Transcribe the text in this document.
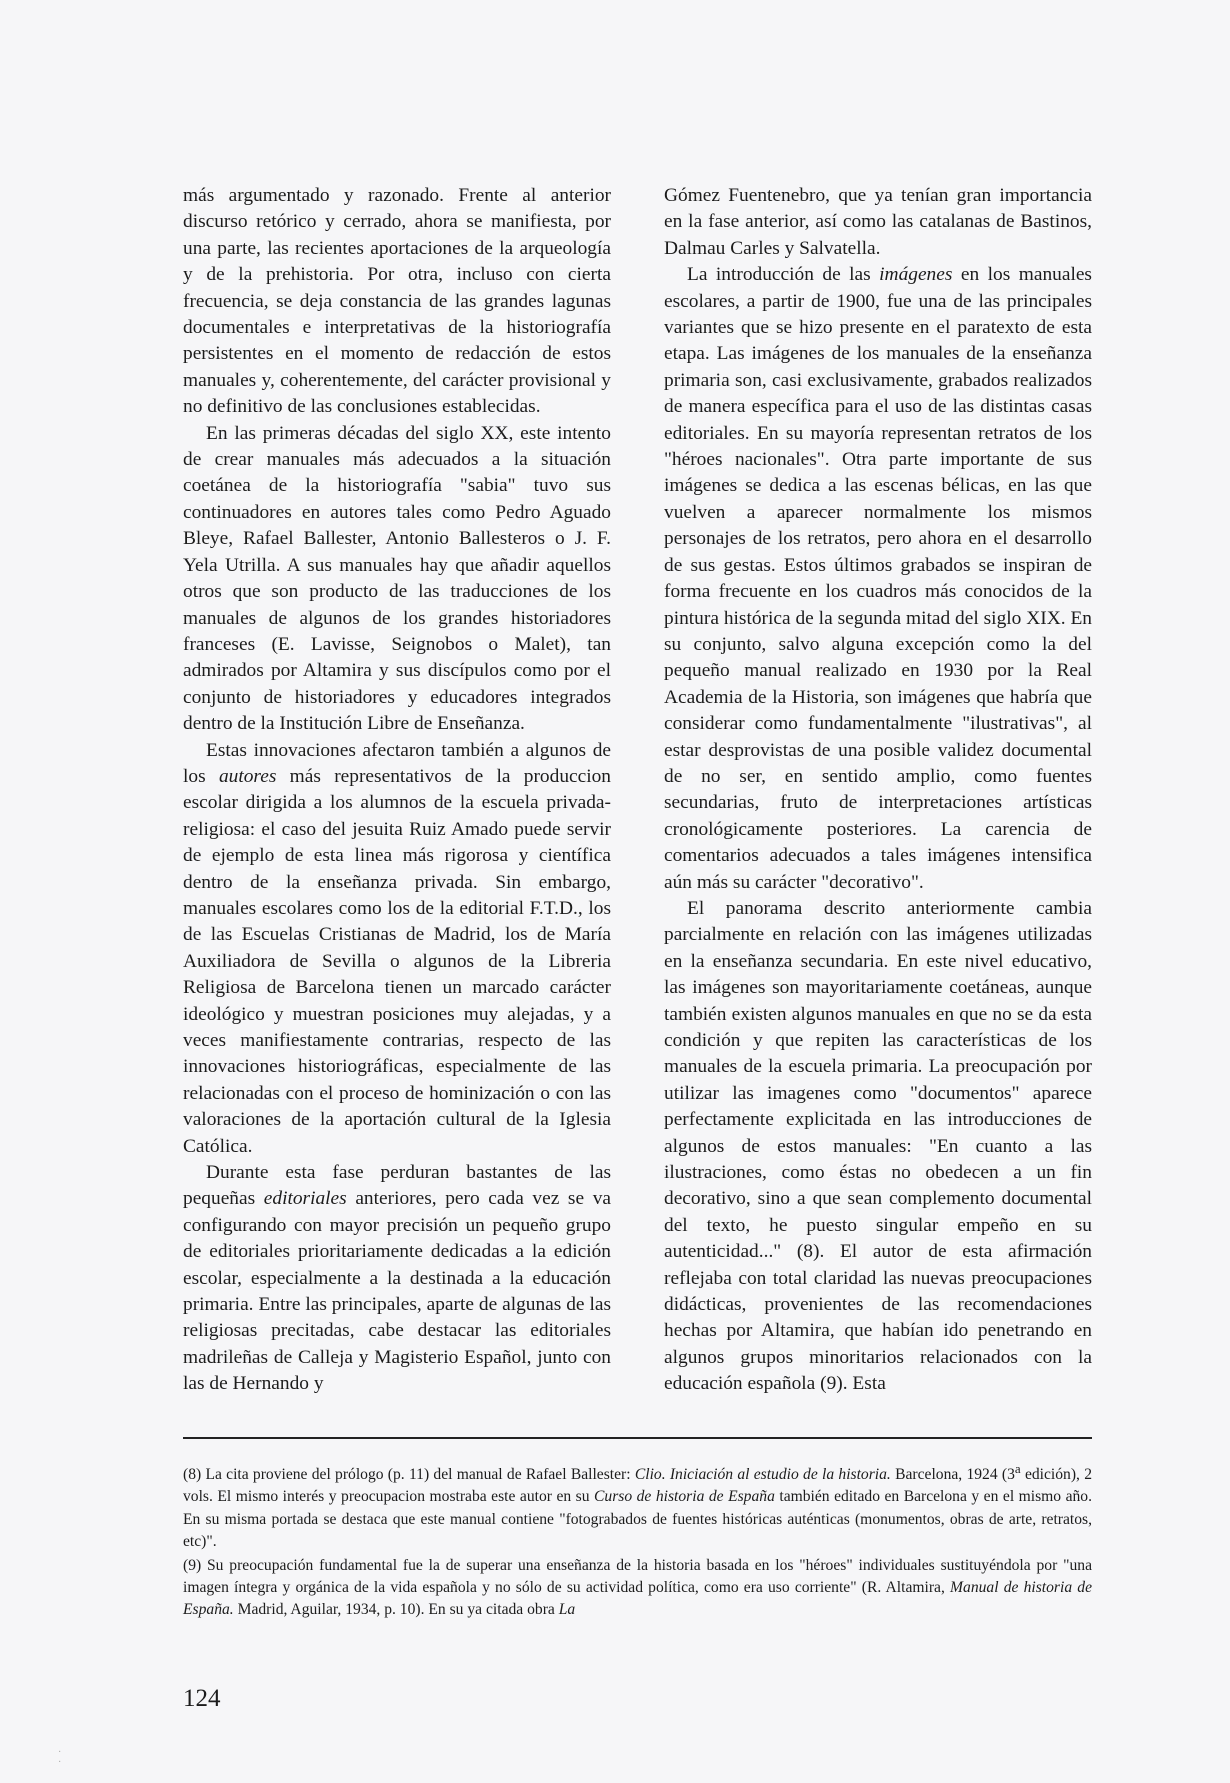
más argumentado y razonado. Frente al anterior discurso retórico y cerrado, ahora se manifiesta, por una parte, las recientes aportaciones de la arqueología y de la prehistoria. Por otra, incluso con cierta frecuencia, se deja constancia de las grandes lagunas documentales e interpretativas de la historiografía persistentes en el momento de redacción de estos manuales y, coherentemente, del carácter provisional y no definitivo de las conclusiones establecidas.

En las primeras décadas del siglo XX, este intento de crear manuales más adecuados a la situación coetánea de la historiografía "sabia" tuvo sus continuadores en autores tales como Pedro Aguado Bleye, Rafael Ballester, Antonio Ballesteros o J. F. Yela Utrilla. A sus manuales hay que añadir aquellos otros que son producto de las traducciones de los manuales de algunos de los grandes historiadores franceses (E. Lavisse, Seignobos o Malet), tan admirados por Altamira y sus discípulos como por el conjunto de historiadores y educadores integrados dentro de la Institución Libre de Enseñanza.

Estas innovaciones afectaron también a algunos de los autores más representativos de la produccion escolar dirigida a los alumnos de la escuela privada-religiosa: el caso del jesuita Ruiz Amado puede servir de ejemplo de esta linea más rigorosa y científica dentro de la enseñanza privada. Sin embargo, manuales escolares como los de la editorial F.T.D., los de las Escuelas Cristianas de Madrid, los de María Auxiliadora de Sevilla o algunos de la Libreria Religiosa de Barcelona tienen un marcado carácter ideológico y muestran posiciones muy alejadas, y a veces manifiestamente contrarias, respecto de las innovaciones historiográficas, especialmente de las relacionadas con el proceso de hominización o con las valoraciones de la aportación cultural de la Iglesia Católica.

Durante esta fase perduran bastantes de las pequeñas editoriales anteriores, pero cada vez se va configurando con mayor precisión un pequeño grupo de editoriales prioritariamente dedicadas a la edición escolar, especialmente a la destinada a la educación primaria. Entre las principales, aparte de algunas de las religiosas precitadas, cabe destacar las editoriales madrileñas de Calleja y Magisterio Español, junto con las de Hernando y

Gómez Fuentenebro, que ya tenían gran importancia en la fase anterior, así como las catalanas de Bastinos, Dalmau Carles y Salvatella.

La introducción de las imágenes en los manuales escolares, a partir de 1900, fue una de las principales variantes que se hizo presente en el paratexto de esta etapa. Las imágenes de los manuales de la enseñanza primaria son, casi exclusivamente, grabados realizados de manera específica para el uso de las distintas casas editoriales. En su mayoría representan retratos de los "héroes nacionales". Otra parte importante de sus imágenes se dedica a las escenas bélicas, en las que vuelven a aparecer normalmente los mismos personajes de los retratos, pero ahora en el desarrollo de sus gestas. Estos últimos grabados se inspiran de forma frecuente en los cuadros más conocidos de la pintura histórica de la segunda mitad del siglo XIX. En su conjunto, salvo alguna excepción como la del pequeño manual realizado en 1930 por la Real Academia de la Historia, son imágenes que habría que considerar como fundamentalmente "ilustrativas", al estar desprovistas de una posible validez documental de no ser, en sentido amplio, como fuentes secundarias, fruto de interpretaciones artísticas cronológicamente posteriores. La carencia de comentarios adecuados a tales imágenes intensifica aún más su carácter "decorativo".

El panorama descrito anteriormente cambia parcialmente en relación con las imágenes utilizadas en la enseñanza secundaria. En este nivel educativo, las imágenes son mayoritariamente coetáneas, aunque también existen algunos manuales en que no se da esta condición y que repiten las características de los manuales de la escuela primaria. La preocupación por utilizar las imagenes como "documentos" aparece perfectamente explicitada en las introducciones de algunos de estos manuales: "En cuanto a las ilustraciones, como éstas no obedecen a un fin decorativo, sino a que sean complemento documental del texto, he puesto singular empeño en su autenticidad..." (8). El autor de esta afirmación reflejaba con total claridad las nuevas preocupaciones didácticas, provenientes de las recomendaciones hechas por Altamira, que habían ido penetrando en algunos grupos minoritarios relacionados con la educación española (9). Esta

(8) La cita proviene del prólogo (p. 11) del manual de Rafael Ballester: Clio. Iniciación al estudio de la historia. Barcelona, 1924 (3$^a$ edición), 2 vols. El mismo interés y preocupacion mostraba este autor en su Curso de historia de España también editado en Barcelona y en el mismo año. En su misma portada se destaca que este manual contiene "fotograbados de fuentes históricas auténticas (monumentos, obras de arte, retratos, etc)".

(9) Su preocupación fundamental fue la de superar una enseñanza de la historia basada en los "héroes" individuales sustituyéndola por "una imagen íntegra y orgánica de la vida española y no sólo de su actividad política, como era uso corriente" (R. Altamira, Manual de historia de España. Madrid, Aguilar, 1934, p. 10). En su ya citada obra La

124
·
·
